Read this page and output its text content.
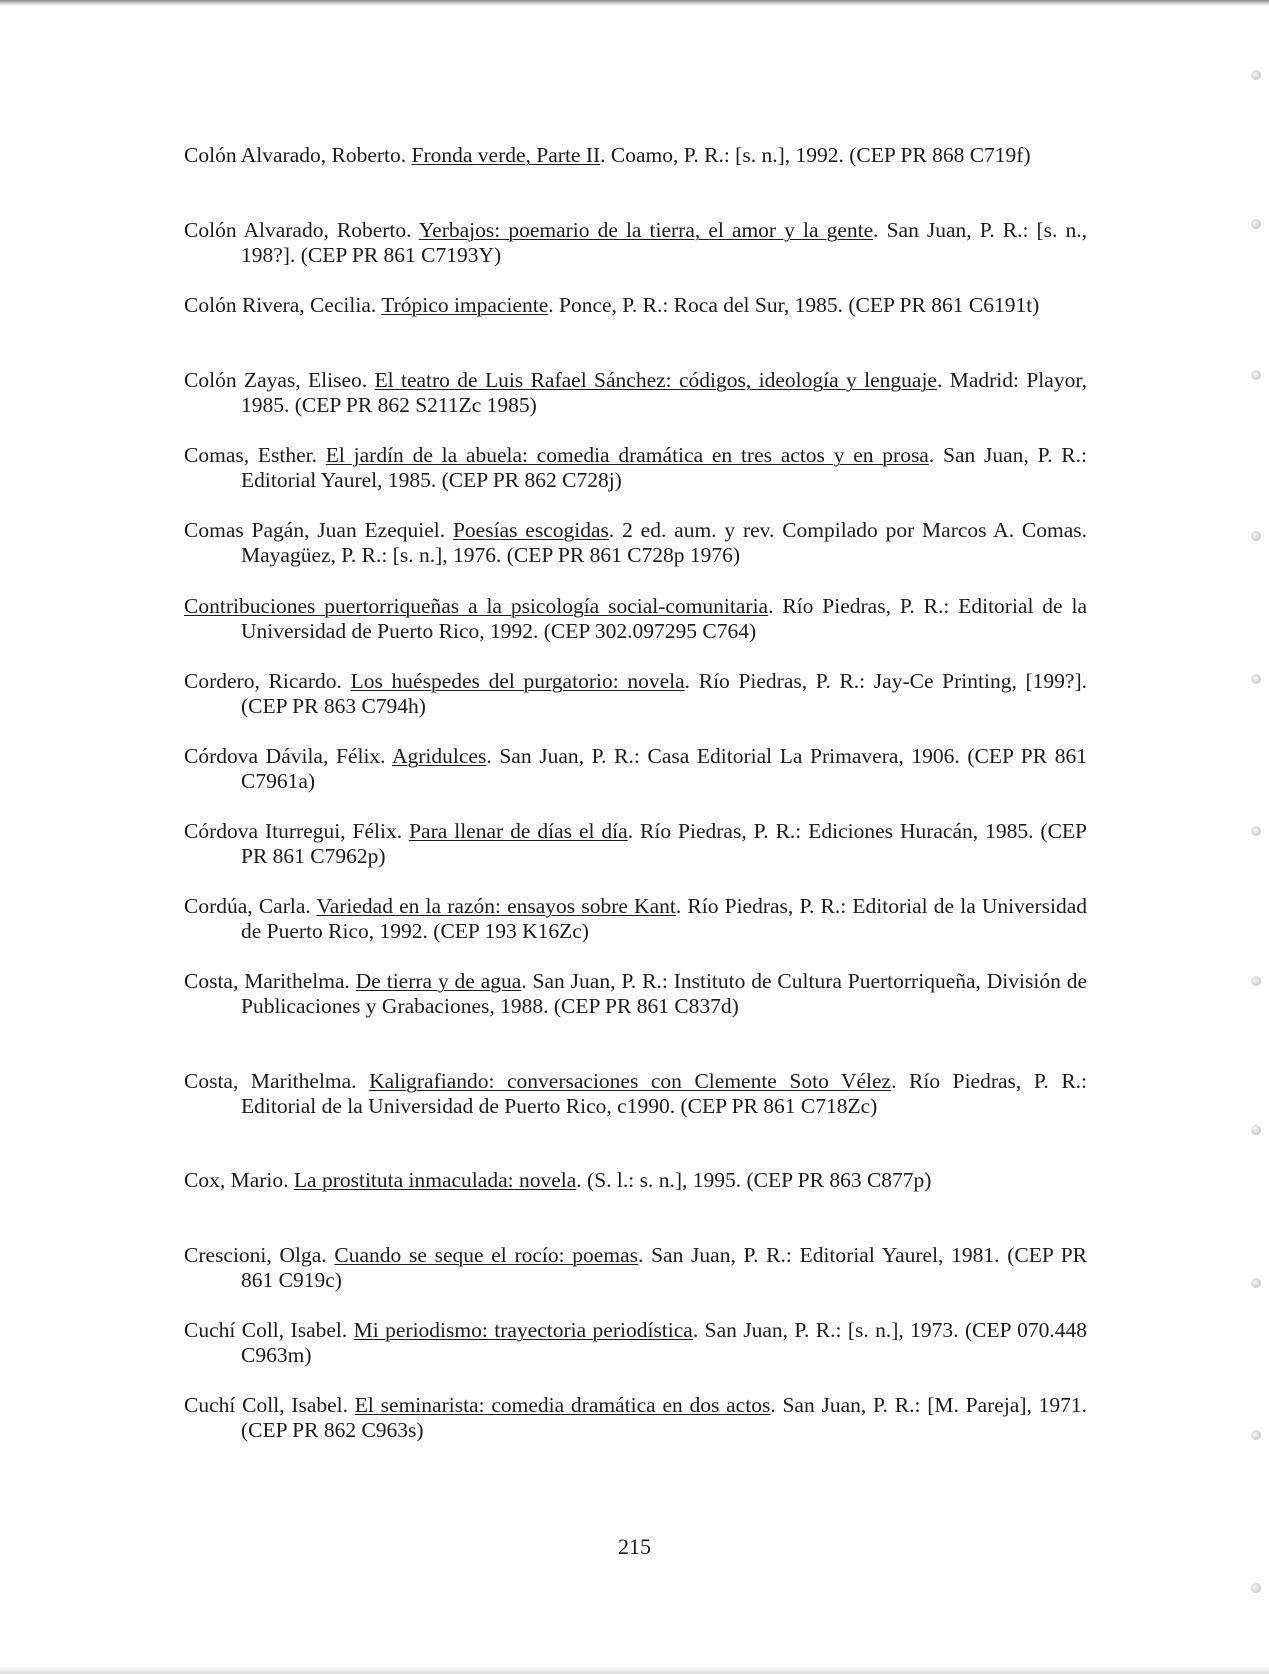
Colón Alvarado, Roberto. Fronda verde, Parte II. Coamo, P. R.: [s. n.], 1992. (CEP PR 868 C719f)
Colón Alvarado, Roberto. Yerbajos: poemario de la tierra, el amor y la gente. San Juan, P. R.: [s. n., 198?]. (CEP PR 861 C7193Y)
Colón Rivera, Cecilia. Trópico impaciente. Ponce, P. R.: Roca del Sur, 1985. (CEP PR 861 C6191t)
Colón Zayas, Eliseo. El teatro de Luis Rafael Sánchez: códigos, ideología y lenguaje. Madrid: Playor, 1985. (CEP PR 862 S211Zc 1985)
Comas, Esther. El jardín de la abuela: comedia dramática en tres actos y en prosa. San Juan, P. R.: Editorial Yaurel, 1985. (CEP PR 862 C728j)
Comas Pagán, Juan Ezequiel. Poesías escogidas. 2 ed. aum. y rev. Compilado por Marcos A. Comas. Mayagüez, P. R.: [s. n.], 1976. (CEP PR 861 C728p 1976)
Contribuciones puertorriqueñas a la psicología social-comunitaria. Río Piedras, P. R.: Editorial de la Universidad de Puerto Rico, 1992. (CEP 302.097295 C764)
Cordero, Ricardo. Los huéspedes del purgatorio: novela. Río Piedras, P. R.: Jay-Ce Printing, [199?]. (CEP PR 863 C794h)
Córdova Dávila, Félix. Agridulces. San Juan, P. R.: Casa Editorial La Primavera, 1906. (CEP PR 861 C7961a)
Córdova Iturregui, Félix. Para llenar de días el día. Río Piedras, P. R.: Ediciones Huracán, 1985. (CEP PR 861 C7962p)
Cordúa, Carla. Variedad en la razón: ensayos sobre Kant. Río Piedras, P. R.: Editorial de la Universidad de Puerto Rico, 1992. (CEP 193 K16Zc)
Costa, Marithelma. De tierra y de agua. San Juan, P. R.: Instituto de Cultura Puertorriqueña, División de Publicaciones y Grabaciones, 1988. (CEP PR 861 C837d)
Costa, Marithelma. Kaligrafiando: conversaciones con Clemente Soto Vélez. Río Piedras, P. R.: Editorial de la Universidad de Puerto Rico, c1990. (CEP PR 861 C718Zc)
Cox, Mario. La prostituta inmaculada: novela. (S. l.: s. n.], 1995. (CEP PR 863 C877p)
Crescioni, Olga. Cuando se seque el rocío: poemas. San Juan, P. R.: Editorial Yaurel, 1981. (CEP PR 861 C919c)
Cuchí Coll, Isabel. Mi periodismo: trayectoria periodística. San Juan, P. R.: [s. n.], 1973. (CEP 070.448 C963m)
Cuchí Coll, Isabel. El seminarista: comedia dramática en dos actos. San Juan, P. R.: [M. Pareja], 1971. (CEP PR 862 C963s)
215
